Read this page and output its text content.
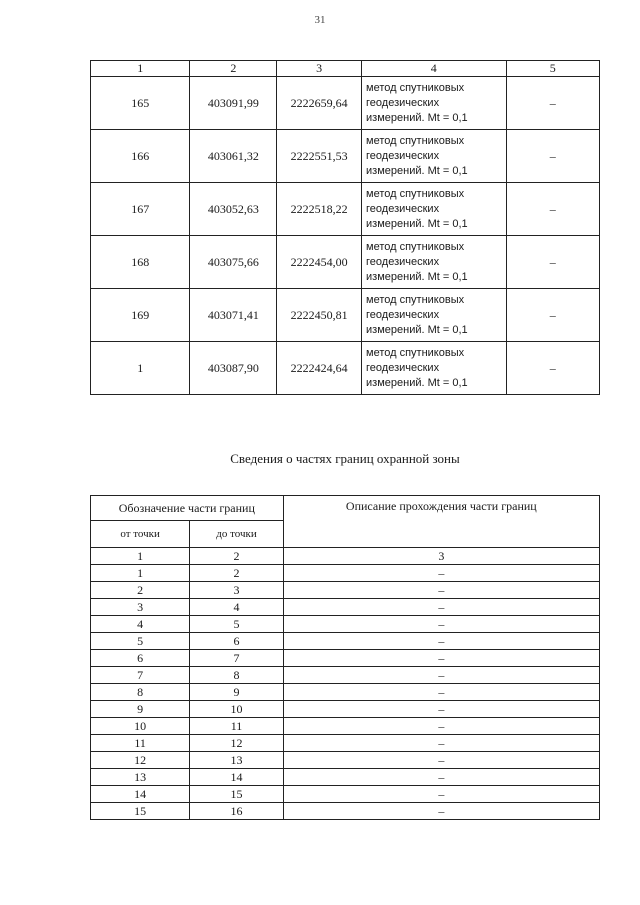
31
1	2	3	4	5
165	403091,99	2222659,64	метод спутниковых
геодезических
измерений. Mt = 0,1	–
166	403061,32	2222551,53	метод спутниковых
геодезических
измерений. Mt = 0,1	–
167	403052,63	2222518,22	метод спутниковых
геодезических
измерений. Mt = 0,1	–
168	403075,66	2222454,00	метод спутниковых
геодезических
измерений. Mt = 0,1	–
169	403071,41	2222450,81	метод спутниковых
геодезических
измерений. Mt = 0,1	–
1	403087,90	2222424,64	метод спутниковых
геодезических
измерений. Mt = 0,1	–
Сведения о частях границ охранной зоны
Обозначение части границ		Описание прохождения части границ
от точки	до точки	
1	2	3
1	2	–
2	3	–
3	4	–
4	5	–
5	6	–
6	7	–
7	8	–
8	9	–
9	10	–
10	11	–
11	12	–
12	13	–
13	14	–
14	15	–
15	16	–
